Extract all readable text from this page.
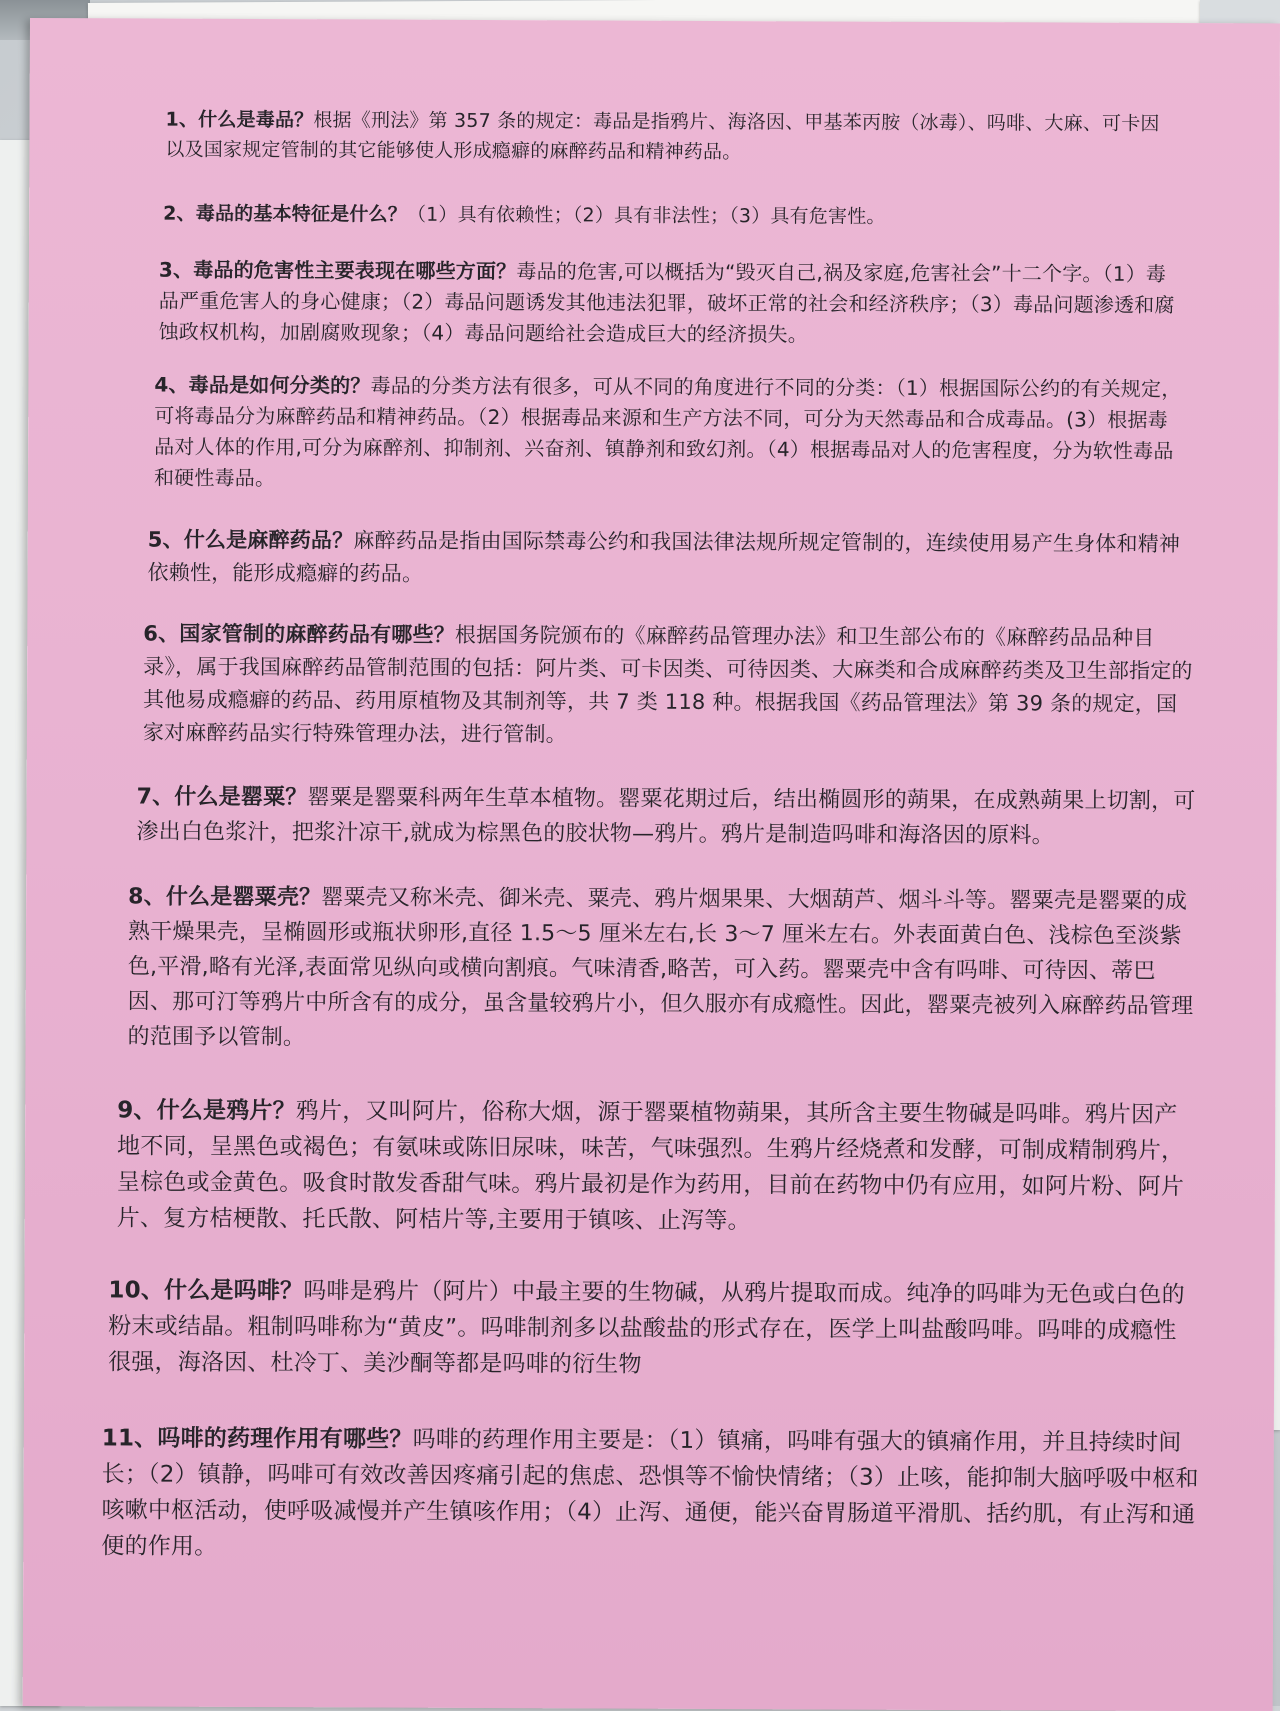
1、什么是毒品？根据《刑法》第 357 条的规定：毒品是指鸦片、海洛因、甲基苯丙胺（冰毒）、吗啡、大麻、可卡因以及国家规定管制的其它能够使人形成瘾癖的麻醉药品和精神药品。

2、毒品的基本特征是什么？（1）具有依赖性；（2）具有非法性；（3）具有危害性。

3、毒品的危害性主要表现在哪些方面？毒品的危害,可以概括为“毁灭自己,祸及家庭,危害社会”十二个字。（1）毒品严重危害人的身心健康；（2）毒品问题诱发其他违法犯罪，破坏正常的社会和经济秩序；（3）毒品问题渗透和腐蚀政权机构，加剧腐败现象；（4）毒品问题给社会造成巨大的经济损失。

4、毒品是如何分类的？毒品的分类方法有很多，可从不同的角度进行不同的分类：（1）根据国际公约的有关规定，可将毒品分为麻醉药品和精神药品。（2）根据毒品来源和生产方法不同，可分为天然毒品和合成毒品。(3）根据毒品对人体的作用,可分为麻醉剂、抑制剂、兴奋剂、镇静剂和致幻剂。（4）根据毒品对人的危害程度，分为软性毒品和硬性毒品。

5、什么是麻醉药品？麻醉药品是指由国际禁毒公约和我国法律法规所规定管制的，连续使用易产生身体和精神依赖性，能形成瘾癖的药品。

6、国家管制的麻醉药品有哪些？根据国务院颁布的《麻醉药品管理办法》和卫生部公布的《麻醉药品品种目录》，属于我国麻醉药品管制范围的包括：阿片类、可卡因类、可待因类、大麻类和合成麻醉药类及卫生部指定的其他易成瘾癖的药品、药用原植物及其制剂等，共 7 类 118 种。根据我国《药品管理法》第 39 条的规定，国家对麻醉药品实行特殊管理办法，进行管制。

7、什么是罂粟？罂粟是罂粟科两年生草本植物。罂粟花期过后，结出椭圆形的蒴果，在成熟蒴果上切割，可渗出白色浆汁，把浆汁凉干,就成为棕黑色的胶状物—鸦片。鸦片是制造吗啡和海洛因的原料。

8、什么是罂粟壳？罂粟壳又称米壳、御米壳、粟壳、鸦片烟果果、大烟葫芦、烟斗斗等。罂粟壳是罂粟的成熟干燥果壳，呈椭圆形或瓶状卵形,直径 1.5～5 厘米左右,长 3～7 厘米左右。外表面黄白色、浅棕色至淡紫色,平滑,略有光泽,表面常见纵向或横向割痕。气味清香,略苦，可入药。罂粟壳中含有吗啡、可待因、蒂巴因、那可汀等鸦片中所含有的成分，虽含量较鸦片小，但久服亦有成瘾性。因此，罂粟壳被列入麻醉药品管理的范围予以管制。

9、什么是鸦片？鸦片，又叫阿片，俗称大烟，源于罂粟植物蒴果，其所含主要生物碱是吗啡。鸦片因产地不同，呈黑色或褐色；有氨味或陈旧尿味，味苦，气味强烈。生鸦片经烧煮和发酵，可制成精制鸦片，呈棕色或金黄色。吸食时散发香甜气味。鸦片最初是作为药用，目前在药物中仍有应用，如阿片粉、阿片片、复方桔梗散、托氏散、阿桔片等,主要用于镇咳、止泻等。

10、什么是吗啡？吗啡是鸦片（阿片）中最主要的生物碱，从鸦片提取而成。纯净的吗啡为无色或白色的粉末或结晶。粗制吗啡称为“黄皮”。吗啡制剂多以盐酸盐的形式存在，医学上叫盐酸吗啡。吗啡的成瘾性很强，海洛因、杜冷丁、美沙酮等都是吗啡的衍生物

11、吗啡的药理作用有哪些？吗啡的药理作用主要是：（1）镇痛，吗啡有强大的镇痛作用，并且持续时间长；（2）镇静，吗啡可有效改善因疼痛引起的焦虑、恐惧等不愉快情绪；（3）止咳，能抑制大脑呼吸中枢和咳嗽中枢活动，使呼吸减慢并产生镇咳作用；（4）止泻、通便，能兴奋胃肠道平滑肌、括约肌，有止泻和通便的作用。
